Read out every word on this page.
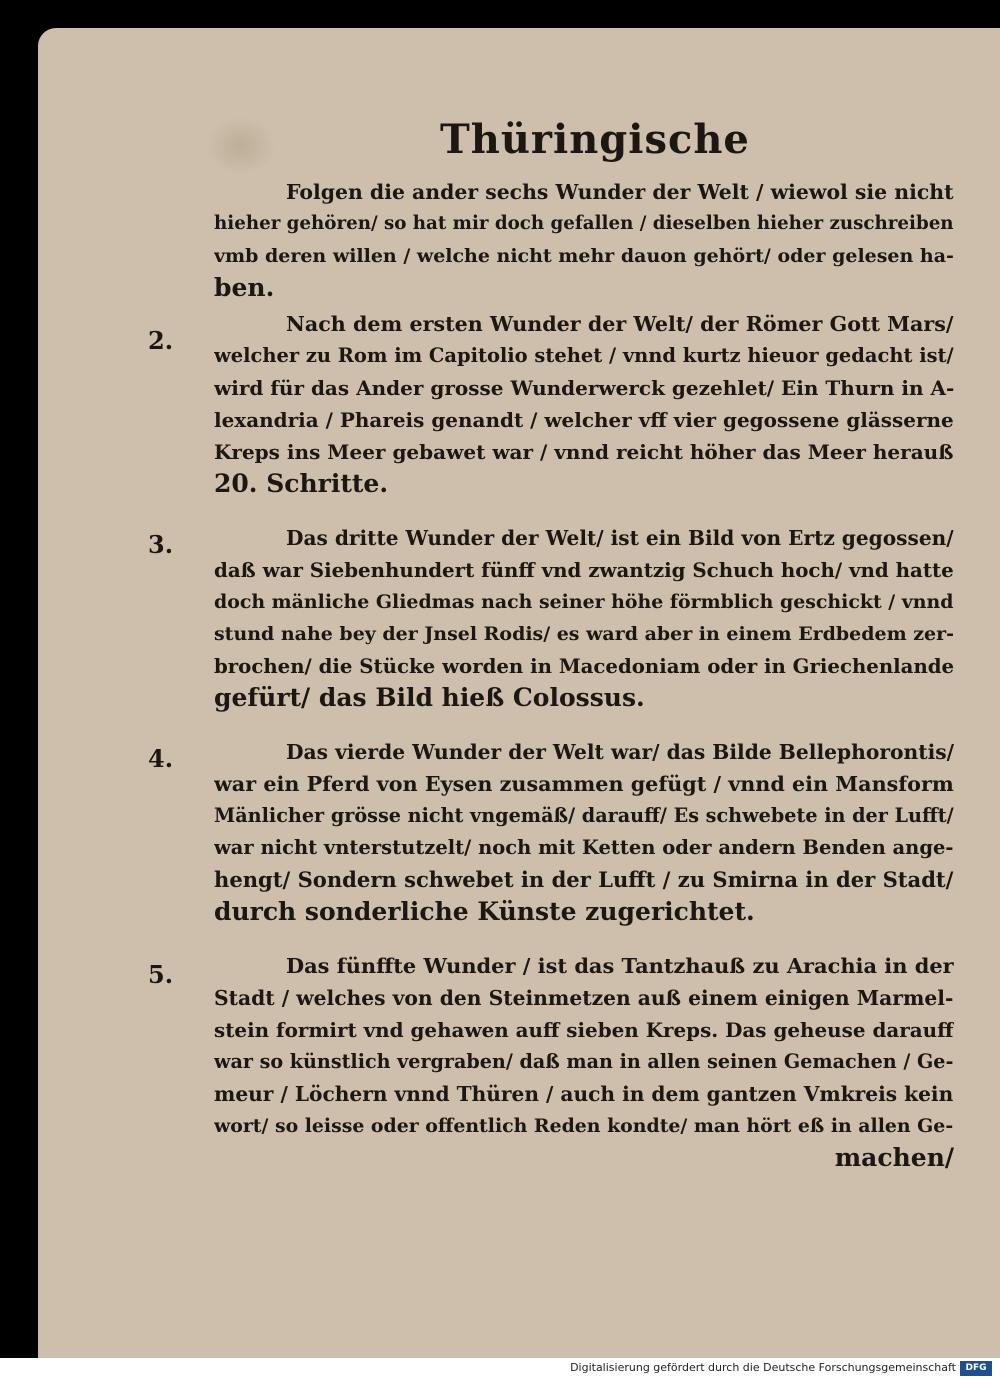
Thüringische
Folgen die ander sechs Wunder der Welt / wiewol sie nicht
hieher gehören/ so hat mir doch gefallen / dieselben hieher zuschreiben
vmb deren willen / welche nicht mehr dauon gehört/ oder gelesen ha-
ben.
2.
Nach dem ersten Wunder der Welt/ der Römer Gott Mars/
welcher zu Rom im Capitolio stehet / vnnd kurtz hieuor gedacht ist/
wird für das Ander grosse Wunderwerck gezehlet/ Ein Thurn in A-
lexandria / Phareis genandt / welcher vff vier gegossene glässerne
Kreps ins Meer gebawet war / vnnd reicht höher das Meer herauß
20. Schritte.
3.	Das dritte Wunder der Welt/ ist ein Bild von Ertz gegossen/
daß war Siebenhundert fünff vnd zwantzig Schuch hoch/ vnd hatte
doch mänliche Gliedmas nach seiner höhe förmblich geschickt / vnnd
stund nahe bey der Jnsel Rodis/ es ward aber in einem Erdbedem zer-
brochen/ die Stücke worden in Macedoniam oder in Griechenlande
gefürt/ das Bild hieß Colossus.
4.	Das vierde Wunder der Welt war/ das Bilde Bellephorontis/
war ein Pferd von Eysen zusammen gefügt / vnnd ein Mansform
Mänlicher grösse nicht vngemäß/ darauff/ Es schwebete in der Lufft/
war nicht vnterstutzelt/ noch mit Ketten oder andern Benden ange-
hengt/ Sondern schwebet in der Lufft / zu Smirna in der Stadt/
durch sonderliche Künste zugerichtet.
5.	Das fünffte Wunder / ist das Tantzhauß zu Arachia in der
Stadt / welches von den Steinmetzen auß einem einigen Marmel-
stein formirt vnd gehawen auff sieben Kreps. Das geheuse darauff
war so künstlich vergraben/ daß man in allen seinen Gemachen / Ge-
meur / Löchern vnnd Thüren / auch in dem gantzen Vmkreis kein
wort/ so leisse oder offentlich Reden kondte/ man hört eß in allen Ge-
machen/
Digitalisierung gefördert durch die Deutsche Forschungsgemeinschaft	DFG
